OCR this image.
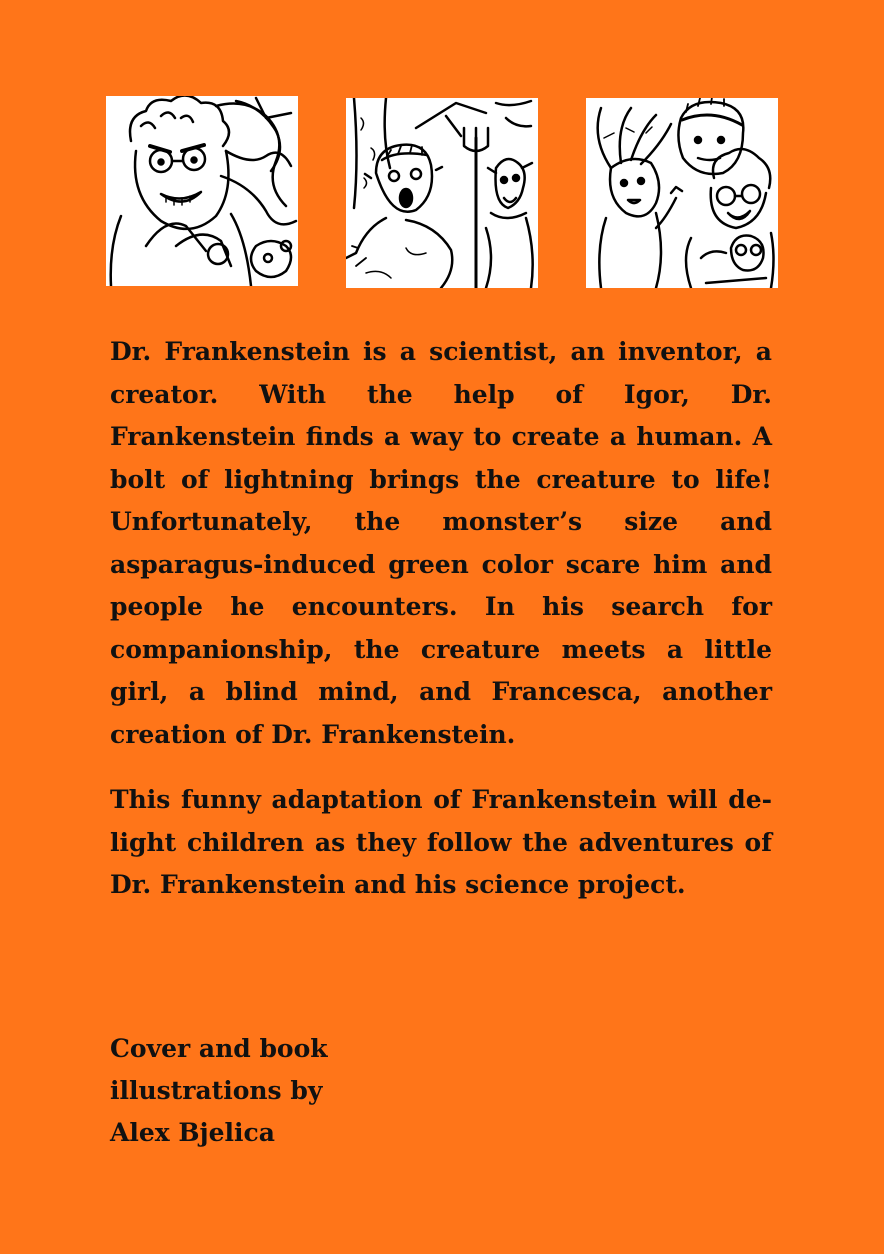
Dr. Frankenstein is a scientist, an inventor, a creator. With the help of Igor, Dr. Frankenstein finds a way to create a human. A bolt of lightning brings the creature to life! Unfortunately, the monster’s size and asparagus-induced green color scare him and people he encounters. In his search for companionship, the creature meets a little girl, a blind mind, and Francesca, another creation of Dr. Frankenstein.

This funny adaptation of Frankenstein will delight children as they follow the adventures of Dr. Frankenstein and his science project.

Cover and book
illustrations by
Alex Bjelica
